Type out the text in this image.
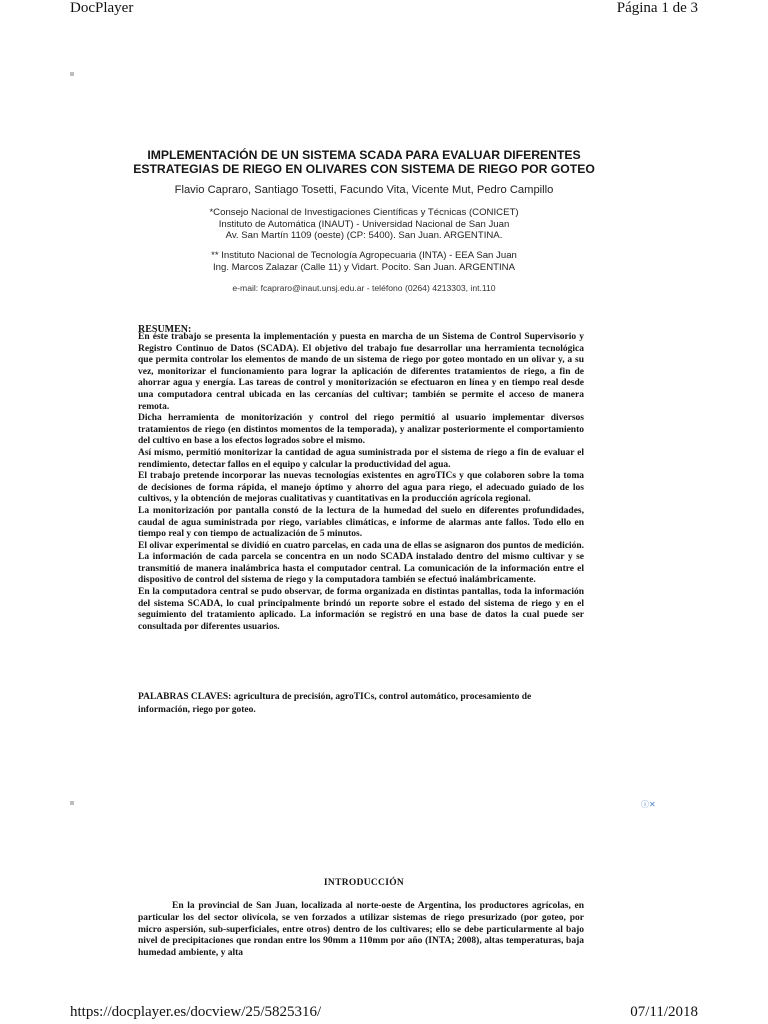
DocPlayer	Página 1 de 3
IMPLEMENTACIÓN DE UN SISTEMA SCADA PARA EVALUAR DIFERENTES
ESTRATEGIAS DE RIEGO EN OLIVARES CON SISTEMA DE RIEGO POR GOTEO
Flavio Capraro, Santiago Tosetti, Facundo Vita, Vicente Mut, Pedro Campillo
*Consejo Nacional de Investigaciones Científicas y Técnicas (CONICET)
Instituto de Automática (INAUT) - Universidad Nacional de San Juan
Av. San Martín 1109 (oeste) (CP: 5400). San Juan. ARGENTINA.
** Instituto Nacional de Tecnología Agropecuaria (INTA) - EEA San Juan
Ing. Marcos Zalazar (Calle 11) y Vidart. Pocito. San Juan. ARGENTINA
e-mail: fcapraro@inaut.unsj.edu.ar - teléfono (0264) 4213303, int.110
RESUMEN:

En éste trabajo se presenta la implementación y puesta en marcha de un Sistema de Control Supervisorio y Registro Continuo de Datos (SCADA). El objetivo del trabajo fue desarrollar una herramienta tecnológica que permita controlar los elementos de mando de un sistema de riego por goteo montado en un olivar y, a su vez, monitorizar el funcionamiento para lograr la aplicación de diferentes tratamientos de riego, a fin de ahorrar agua y energía. Las tareas de control y monitorización se efectuaron en línea y en tiempo real desde una computadora central ubicada en las cercanías del cultivar; también se permite el acceso de manera remota.

Dicha herramienta de monitorización y control del riego permitió al usuario implementar diversos tratamientos de riego (en distintos momentos de la temporada), y analizar posteriormente el comportamiento del cultivo en base a los efectos logrados sobre el mismo.

Así mismo, permitió monitorizar la cantidad de agua suministrada por el sistema de riego a fin de evaluar el rendimiento, detectar fallos en el equipo y calcular la productividad del agua.

El trabajo pretende incorporar las nuevas tecnologías existentes en agroTICs y que colaboren sobre la toma de decisiones de forma rápida, el manejo óptimo y ahorro del agua para riego, el adecuado guiado de los cultivos, y la obtención de mejoras cualitativas y cuantitativas en la producción agrícola regional.

La monitorización por pantalla constó de la lectura de la humedad del suelo en diferentes profundidades, caudal de agua suministrada por riego, variables climáticas, e informe de alarmas ante fallos. Todo ello en tiempo real y con tiempo de actualización de 5 minutos.

El olivar experimental se dividió en cuatro parcelas, en cada una de ellas se asignaron dos puntos de medición. La información de cada parcela se concentra en un nodo SCADA instalado dentro del mismo cultivar y se transmitió de manera inalámbrica hasta el computador central. La comunicación de la información entre el dispositivo de control del sistema de riego y la computadora también se efectuó inalámbricamente.

En la computadora central se pudo observar, de forma organizada en distintas pantallas, toda la información del sistema SCADA, lo cual principalmente brindó un reporte sobre el estado del sistema de riego y en el seguimiento del tratamiento aplicado. La información se registró en una base de datos la cual puede ser consultada por diferentes usuarios.

PALABRAS CLAVES: agricultura de precisión, agroTICs, control automático, procesamiento de información, riego por goteo.
ⓘ✕
INTRODUCCIÓN

En la provincial de San Juan, localizada al norte-oeste de Argentina, los productores agrícolas, en particular los del sector olivícola, se ven forzados a utilizar sistemas de riego presurizado (por goteo, por micro aspersión, sub-superficiales, entre otros) dentro de los cultivares; ello se debe particularmente al bajo nivel de precipitaciones que rondan entre los 90mm a 110mm por año (INTA; 2008), altas temperaturas, baja humedad ambiente, y alta

https://docplayer.es/docview/25/5825316/	07/11/2018
